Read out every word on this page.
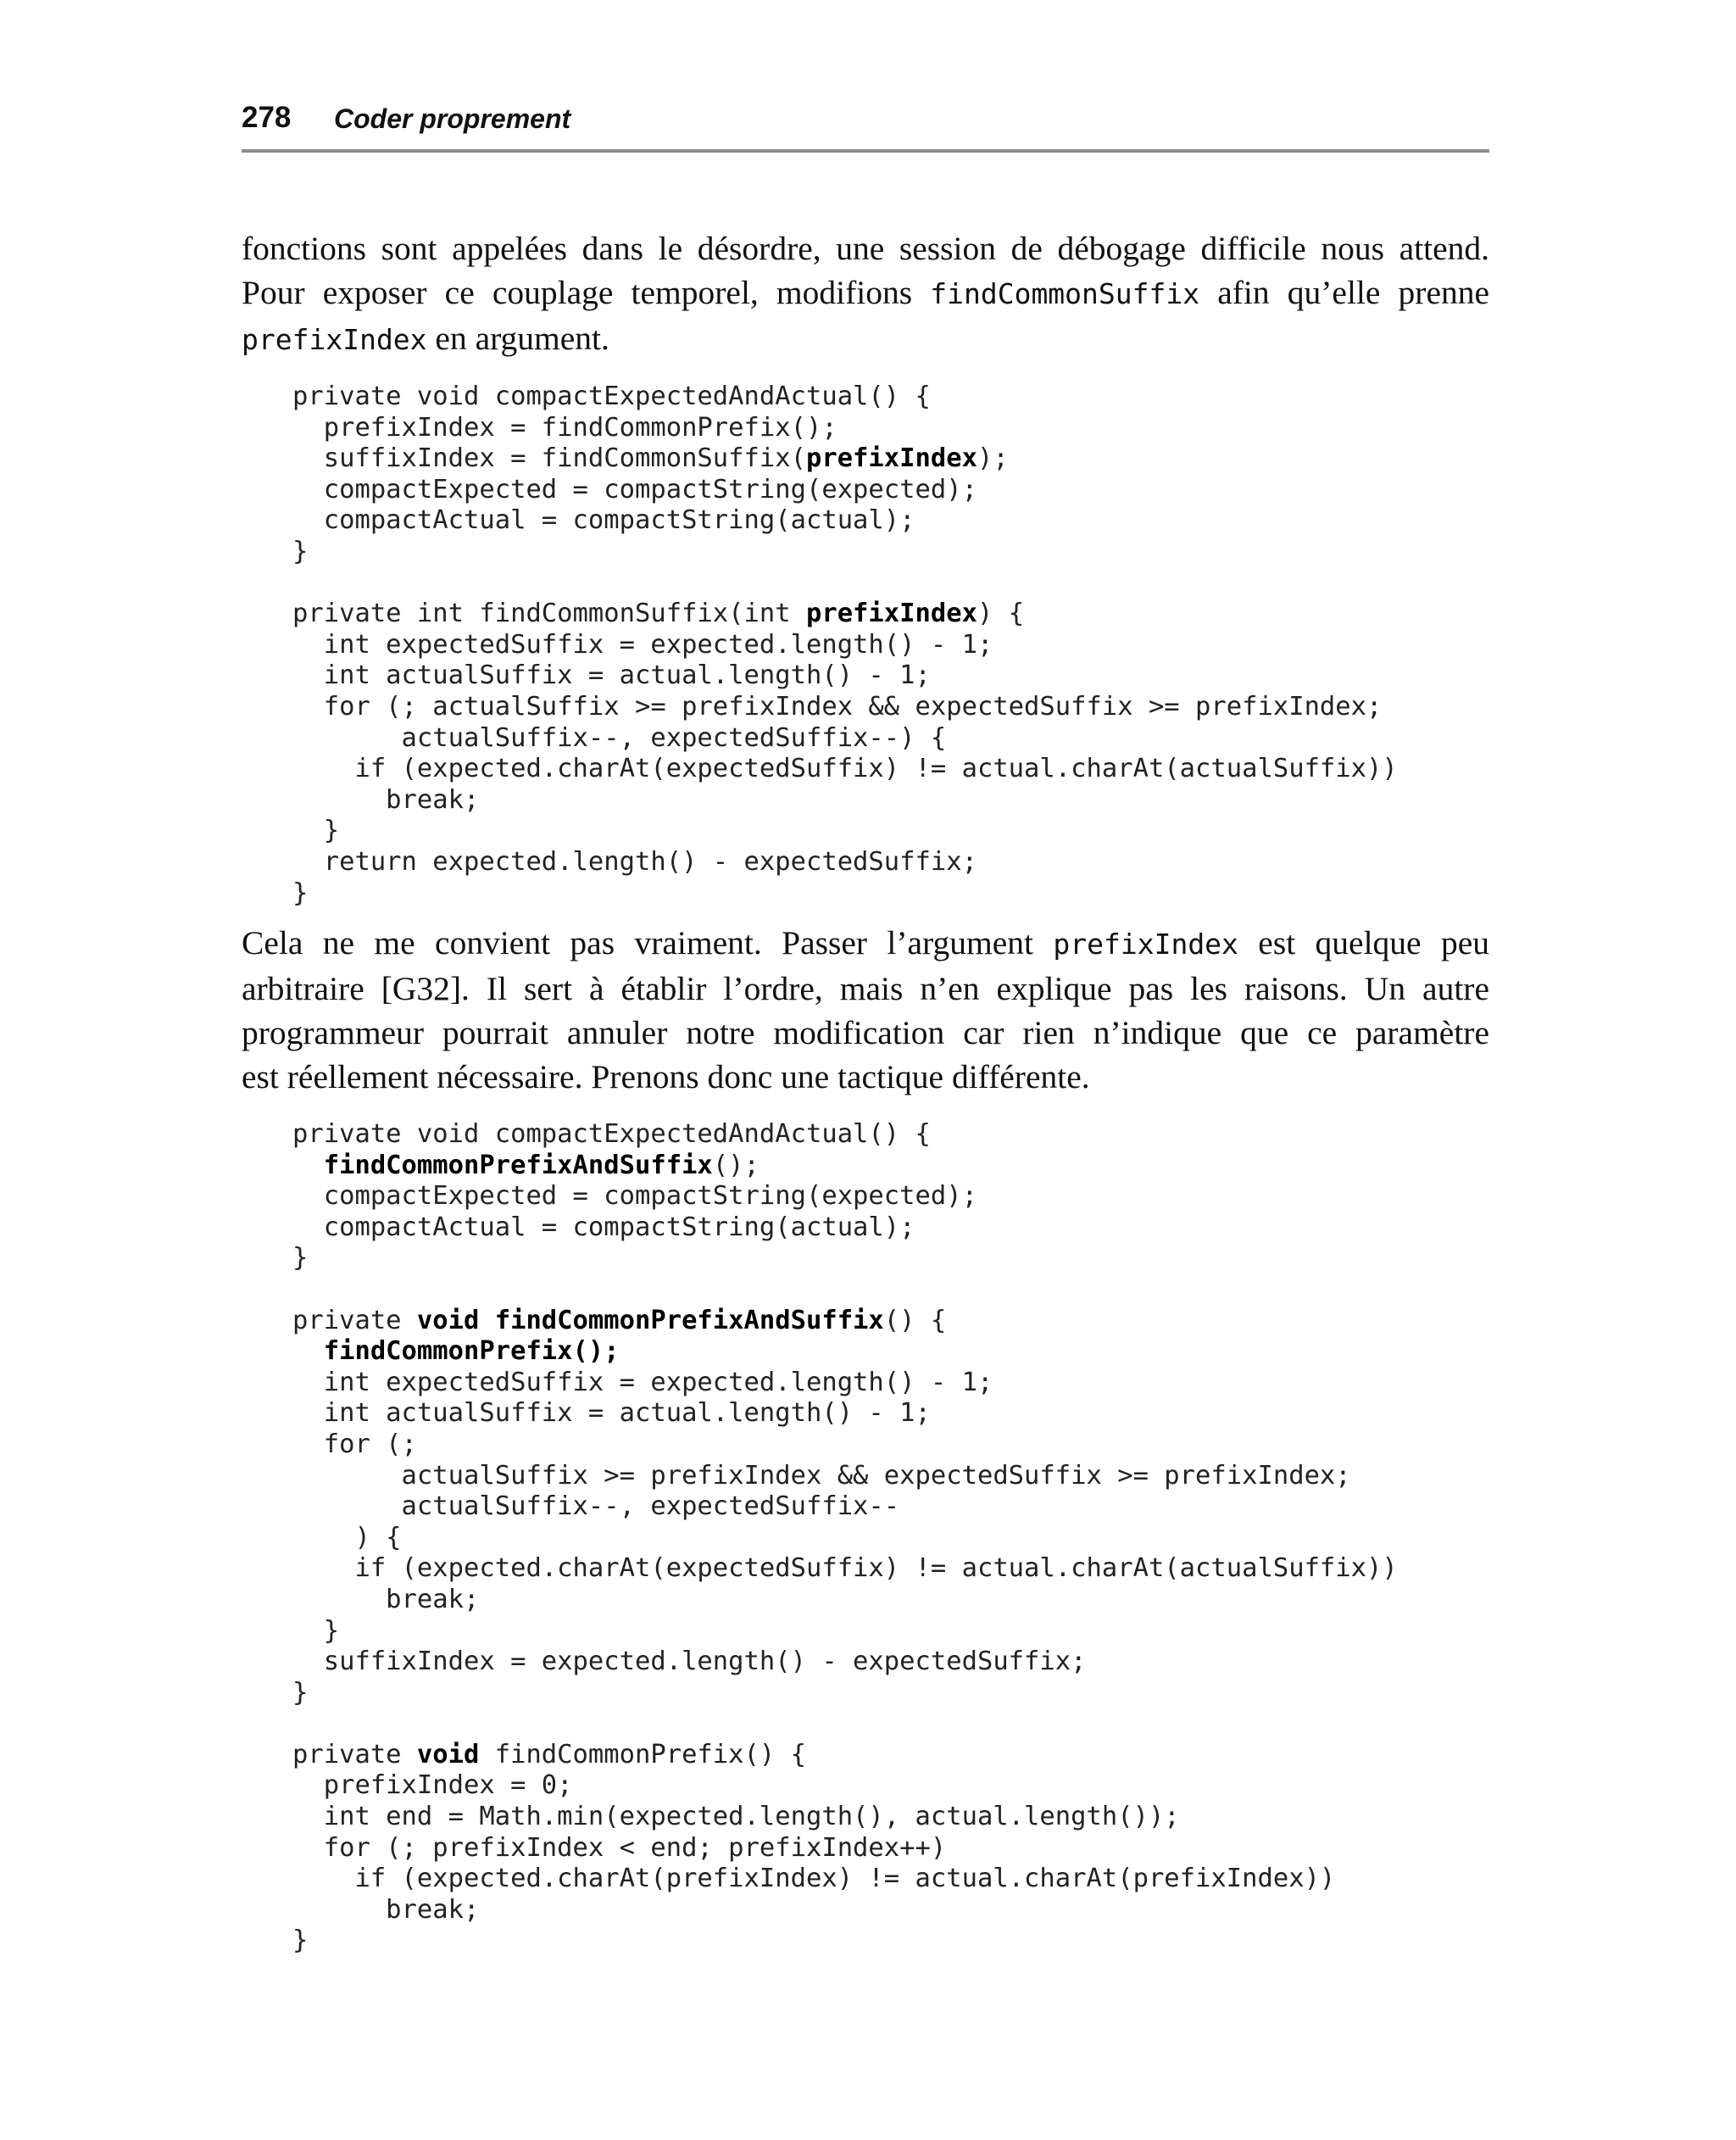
278 Coder proprement

fonctions sont appelées dans le désordre, une session de débogage difficile nous attend.
Pour exposer ce couplage temporel, modifions findCommonSuffix afin qu’elle prenne
prefixIndex en argument.

private void compactExpectedAndActual() {
prefixIndex = findCommonPrefix();
suffixIndex = findCommonSuffix(prefixIndex);
compactExpected = compactString(expected);
compactActual = compactString(actual);
}
private int findCommonSuffix(int prefixIndex) {
int expectedSuffix = expected.length() - 1;
int actualSuffix = actual.length() - 1;
for (; actualSuffix >= prefixIndex && expectedSuffix >= prefixIndex;
actualSuffix--, expectedSuffix--) {
if (expected.charAt(expectedSuffix) != actual.charAt(actualSuffix))
break;
}
return expected.length() - expectedSuffix;
}

Cela ne me convient pas vraiment. Passer l’argument prefixIndex est quelque peu
arbitraire [G32]. Il sert à établir l’ordre, mais n’en explique pas les raisons. Un autre
programmeur pourrait annuler notre modification car rien n’indique que ce paramètre
est réellement nécessaire. Prenons donc une tactique différente.

private void compactExpectedAndActual() {
findCommonPrefixAndSuffix();
compactExpected = compactString(expected);
compactActual = compactString(actual);
}
private void findCommonPrefixAndSuffix() {
findCommonPrefix();
int expectedSuffix = expected.length() - 1;
int actualSuffix = actual.length() - 1;
for (;
actualSuffix >= prefixIndex && expectedSuffix >= prefixIndex;
actualSuffix--, expectedSuffix--
) {
if (expected.charAt(expectedSuffix) != actual.charAt(actualSuffix))
break;
}
suffixIndex = expected.length() - expectedSuffix;
}
private void findCommonPrefix() {
prefixIndex = 0;
int end = Math.min(expected.length(), actual.length());
for (; prefixIndex < end; prefixIndex++)
if (expected.charAt(prefixIndex) != actual.charAt(prefixIndex))
break;
}
